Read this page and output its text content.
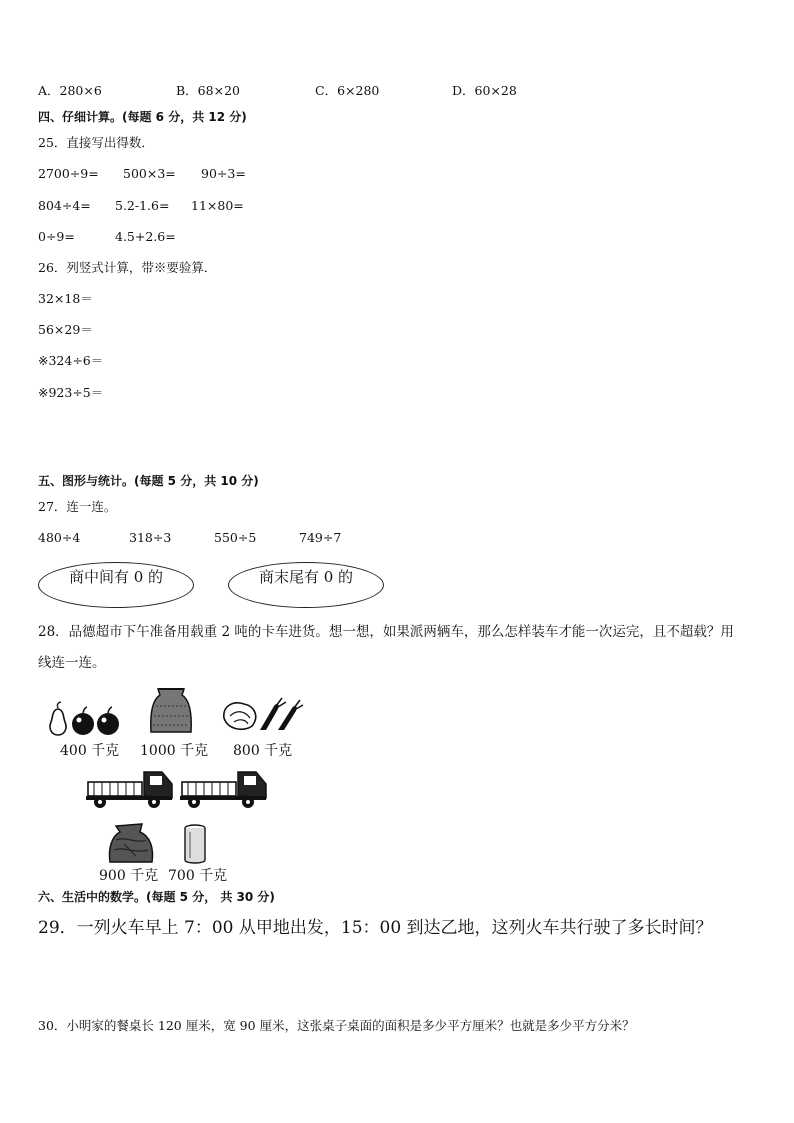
A．280×6	B．68×20	C．6×280	D．60×28
四、仔细计算。(每题 6 分，共 12 分)
25．直接写出得数．
2700÷9= 500×3= 90÷3=
804÷4= 5.2-1.6= 11×80=
0÷9=	4.5+2.6=
26．列竖式计算，带※要验算．
32×18＝
56×29＝
※324÷6＝
※923÷5＝
五、图形与统计。(每题 5 分，共 10 分)
27．连一连。
480÷4	318÷3	550÷5	749÷7
商中间有 0 的	商末尾有 0 的
28．品德超市下午准备用载重 2 吨的卡车进货。想一想，如果派两辆车，那么怎样装车才能一次运完，且不超载？用
线连一连。
400 千克 1000 千克 800 千克
900 千克 700 千克
六、生活中的数学。(每题 5 分， 共 30 分)
29．一列火车早上 7：00 从甲地出发，15：00 到达乙地，这列火车共行驶了多长时间？
30．小明家的餐桌长 120 厘米，宽 90 厘米，这张桌子桌面的面积是多少平方厘米？也就是多少平方分米？
